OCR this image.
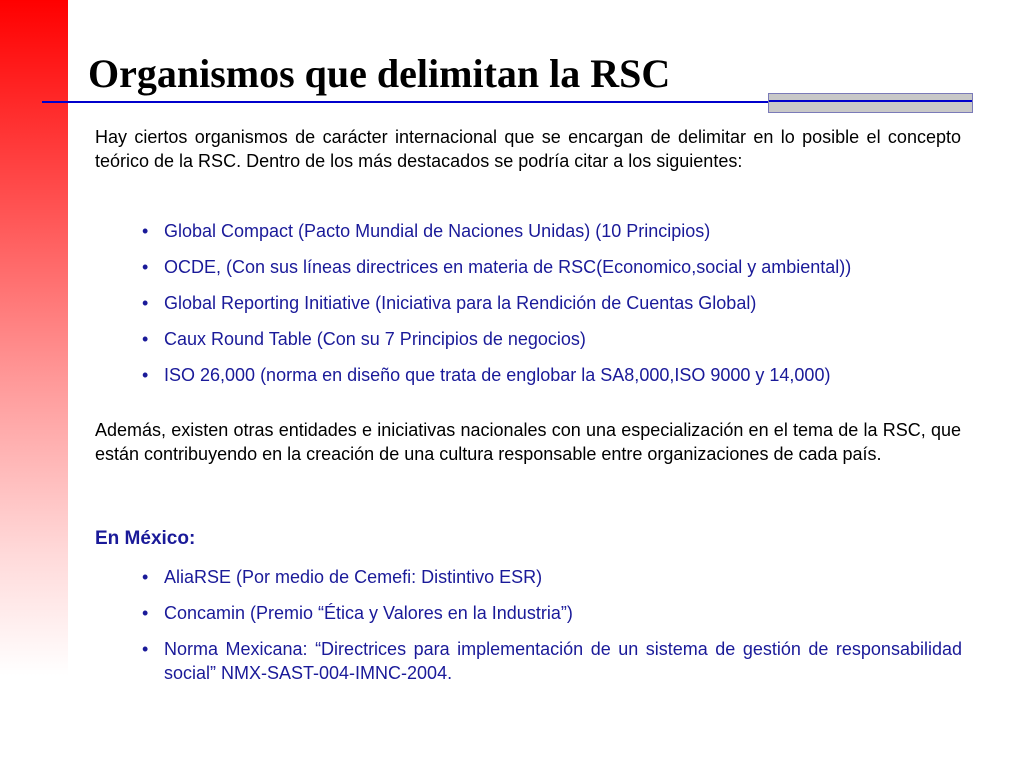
Organismos que delimitan la RSC

Hay ciertos organismos de carácter internacional que se encargan de delimitar en lo posible el concepto teórico de la RSC. Dentro de los más destacados se podría citar a los siguientes:

• Global Compact (Pacto Mundial de Naciones Unidas) (10 Principios)
• OCDE, (Con sus líneas directrices en materia de RSC(Economico,social y ambiental))
• Global Reporting Initiative (Iniciativa para la Rendición de Cuentas Global)
• Caux Round Table (Con su 7 Principios de negocios)
• ISO 26,000 (norma en diseño que trata de englobar la SA8,000,ISO 9000 y 14,000)

Además, existen otras entidades e iniciativas nacionales con una especialización en el tema de la RSC, que están contribuyendo en la creación de una cultura responsable entre organizaciones de cada país.

En México:
• AliaRSE (Por medio de Cemefi: Distintivo ESR)
• Concamin (Premio “Ética y Valores en la Industria”)
• Norma Mexicana: “Directrices para implementación de un sistema de gestión de responsabilidad social” NMX-SAST-004-IMNC-2004.
